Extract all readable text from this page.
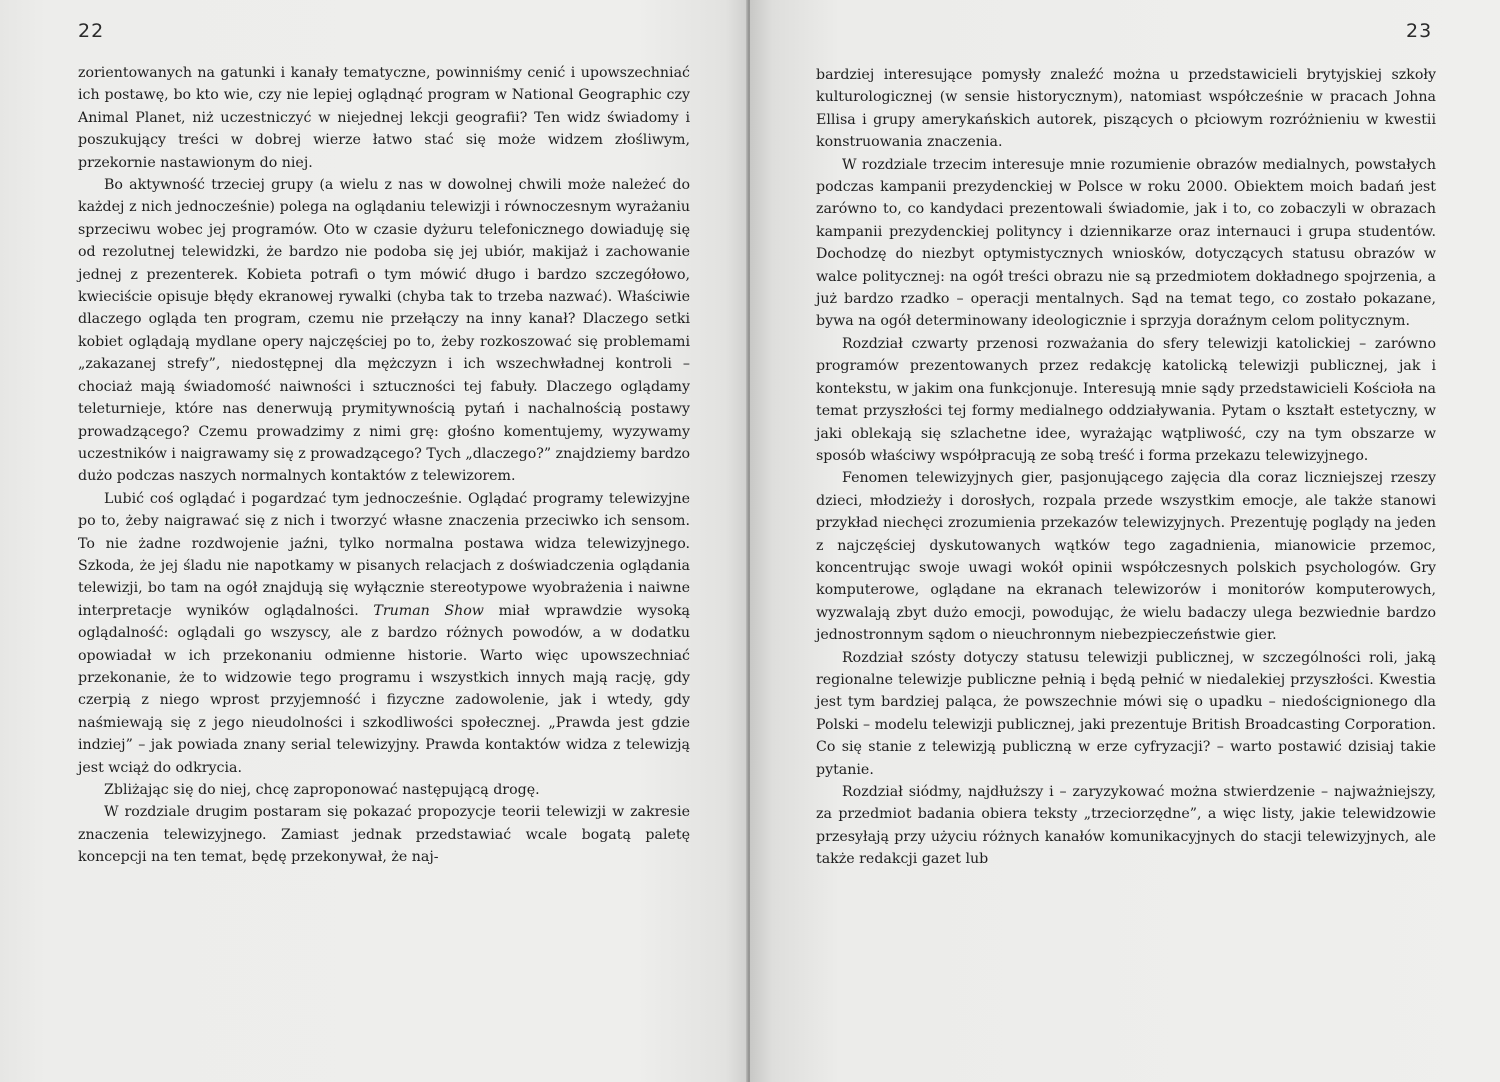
22

zorientowanych na gatunki i kanały tematyczne, powinniśmy cenić i upowszechniać ich postawę, bo kto wie, czy nie lepiej oglądnąć program w National Geographic czy Animal Planet, niż uczestniczyć w niejednej lekcji geografii? Ten widz świadomy i poszukujący treści w dobrej wierze łatwo stać się może widzem złośliwym, przekornie nastawionym do niej.

Bo aktywność trzeciej grupy (a wielu z nas w dowolnej chwili może należeć do każdej z nich jednocześnie) polega na oglądaniu telewizji i równoczesnym wyrażaniu sprzeciwu wobec jej programów. Oto w czasie dyżuru telefonicznego dowiaduję się od rezolutnej telewidzki, że bardzo nie podoba się jej ubiór, makijaż i zachowanie jednej z prezenterek. Kobieta potrafi o tym mówić długo i bardzo szczegółowo, kwieciście opisuje błędy ekranowej rywalki (chyba tak to trzeba nazwać). Właściwie dlaczego ogląda ten program, czemu nie przełączy na inny kanał? Dlaczego setki kobiet oglądają mydlane opery najczęściej po to, żeby rozkoszować się problemami „zakazanej strefy”, niedostępnej dla mężczyzn i ich wszechwładnej kontroli – chociaż mają świadomość naiwności i sztuczności tej fabuły. Dlaczego oglądamy teleturnieje, które nas denerwują prymitywnością pytań i nachalnością postawy prowadzącego? Czemu prowadzimy z nimi grę: głośno komentujemy, wyzywamy uczestników i naigrawamy się z prowadzącego? Tych „dlaczego?” znajdziemy bardzo dużo podczas naszych normalnych kontaktów z telewizorem.

Lubić coś oglądać i pogardzać tym jednocześnie. Oglądać programy telewizyjne po to, żeby naigrawać się z nich i tworzyć własne znaczenia przeciwko ich sensom. To nie żadne rozdwojenie jaźni, tylko normalna postawa widza telewizyjnego. Szkoda, że jej śladu nie napotkamy w pisanych relacjach z doświadczenia oglądania telewizji, bo tam na ogół znajdują się wyłącznie stereotypowe wyobrażenia i naiwne interpretacje wyników oglądalności. Truman Show miał wprawdzie wysoką oglądalność: oglądali go wszyscy, ale z bardzo różnych powodów, a w dodatku opowiadał w ich przekonaniu odmienne historie. Warto więc upowszechniać przekonanie, że to widzowie tego programu i wszystkich innych mają rację, gdy czerpią z niego wprost przyjemność i fizyczne zadowolenie, jak i wtedy, gdy naśmiewają się z jego nieudolności i szkodliwości społecznej. „Prawda jest gdzie indziej” – jak powiada znany serial telewizyjny. Prawda kontaktów widza z telewizją jest wciąż do odkrycia.

Zbliżając się do niej, chcę zaproponować następującą drogę.

W rozdziale drugim postaram się pokazać propozycje teorii telewizji w zakresie znaczenia telewizyjnego. Zamiast jednak przedstawiać wcale bogatą paletę koncepcji na ten temat, będę przekonywał, że naj-

23

bardziej interesujące pomysły znaleźć można u przedstawicieli brytyjskiej szkoły kulturologicznej (w sensie historycznym), natomiast współcześnie w pracach Johna Ellisa i grupy amerykańskich autorek, piszących o płciowym rozróżnieniu w kwestii konstruowania znaczenia.

W rozdziale trzecim interesuje mnie rozumienie obrazów medialnych, powstałych podczas kampanii prezydenckiej w Polsce w roku 2000. Obiektem moich badań jest zarówno to, co kandydaci prezentowali świadomie, jak i to, co zobaczyli w obrazach kampanii prezydenckiej polityncy i dziennikarze oraz internauci i grupa studentów. Dochodzę do niezbyt optymistycznych wniosków, dotyczących statusu obrazów w walce politycznej: na ogół treści obrazu nie są przedmiotem dokładnego spojrzenia, a już bardzo rzadko – operacji mentalnych. Sąd na temat tego, co zostało pokazane, bywa na ogół determinowany ideologicznie i sprzyja doraźnym celom politycznym.

Rozdział czwarty przenosi rozważania do sfery telewizji katolickiej – zarówno programów prezentowanych przez redakcję katolicką telewizji publicznej, jak i kontekstu, w jakim ona funkcjonuje. Interesują mnie sądy przedstawicieli Kościoła na temat przyszłości tej formy medialnego oddziaływania. Pytam o kształt estetyczny, w jaki oblekają się szlachetne idee, wyrażając wątpliwość, czy na tym obszarze w sposób właściwy współpracują ze sobą treść i forma przekazu telewizyjnego.

Fenomen telewizyjnych gier, pasjonującego zajęcia dla coraz liczniejszej rzeszy dzieci, młodzieży i dorosłych, rozpala przede wszystkim emocje, ale także stanowi przykład niechęci zrozumienia przekazów telewizyjnych. Prezentuję poglądy na jeden z najczęściej dyskutowanych wątków tego zagadnienia, mianowicie przemoc, koncentrując swoje uwagi wokół opinii współczesnych polskich psychologów. Gry komputerowe, oglądane na ekranach telewizorów i monitorów komputerowych, wyzwalają zbyt dużo emocji, powodując, że wielu badaczy ulega bezwiednie bardzo jednostronnym sądom o nieuchronnym niebezpieczeństwie gier.

Rozdział szósty dotyczy statusu telewizji publicznej, w szczególności roli, jaką regionalne telewizje publiczne pełnią i będą pełnić w niedalekiej przyszłości. Kwestia jest tym bardziej paląca, że powszechnie mówi się o upadku – niedoścignionego dla Polski – modelu telewizji publicznej, jaki prezentuje British Broadcasting Corporation. Co się stanie z telewizją publiczną w erze cyfryzacji? – warto postawić dzisiaj takie pytanie.

Rozdział siódmy, najdłuższy i – zaryzykować można stwierdzenie – najważniejszy, za przedmiot badania obiera teksty „trzeciorzędne”, a więc listy, jakie telewidzowie przesyłają przy użyciu różnych kanałów komunikacyjnych do stacji telewizyjnych, ale także redakcji gazet lub
